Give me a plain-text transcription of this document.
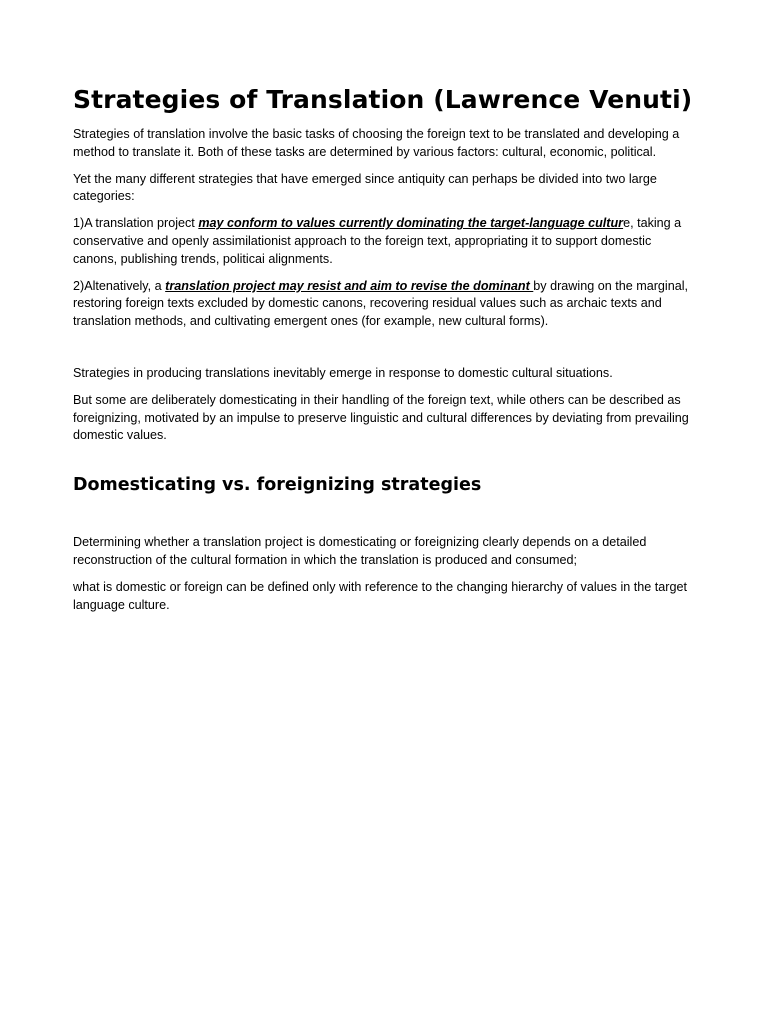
Strategies of Translation (Lawrence Venuti)

Strategies of translation involve the basic tasks of choosing the foreign text to be translated and developing a method to translate it. Both of these tasks are determined by various factors: cultural, economic, political.

Yet the many different strategies that have emerged since antiquity can perhaps be divided into two large categories:

1)A translation project may conform to values currently dominating the target-language culture, taking a conservative and openly assimilationist approach to the foreign text, appropriating it to support domestic canons, publishing trends, politicai alignments.

2)Altenatively, a translation project may resist and aim to revise the dominant by drawing on the marginal, restoring foreign texts excluded by domestic canons, recovering residual values such as archaic texts and translation methods, and cultivating emergent ones (for example, new cultural forms).

Strategies in producing translations inevitably emerge in response to domestic cultural situations.

But some are deliberately domesticating in their handling of the foreign text, while others can be described as foreignizing, motivated by an impulse to preserve linguistic and cultural differences by deviating from prevailing domestic values.

Domesticating vs. foreignizing strategies

Determining whether a translation project is domesticating or foreignizing clearly depends on a detailed reconstruction of the cultural formation in which the translation is produced and consumed;

what is domestic or foreign can be defined only with reference to the changing hierarchy of values in the target language culture.
